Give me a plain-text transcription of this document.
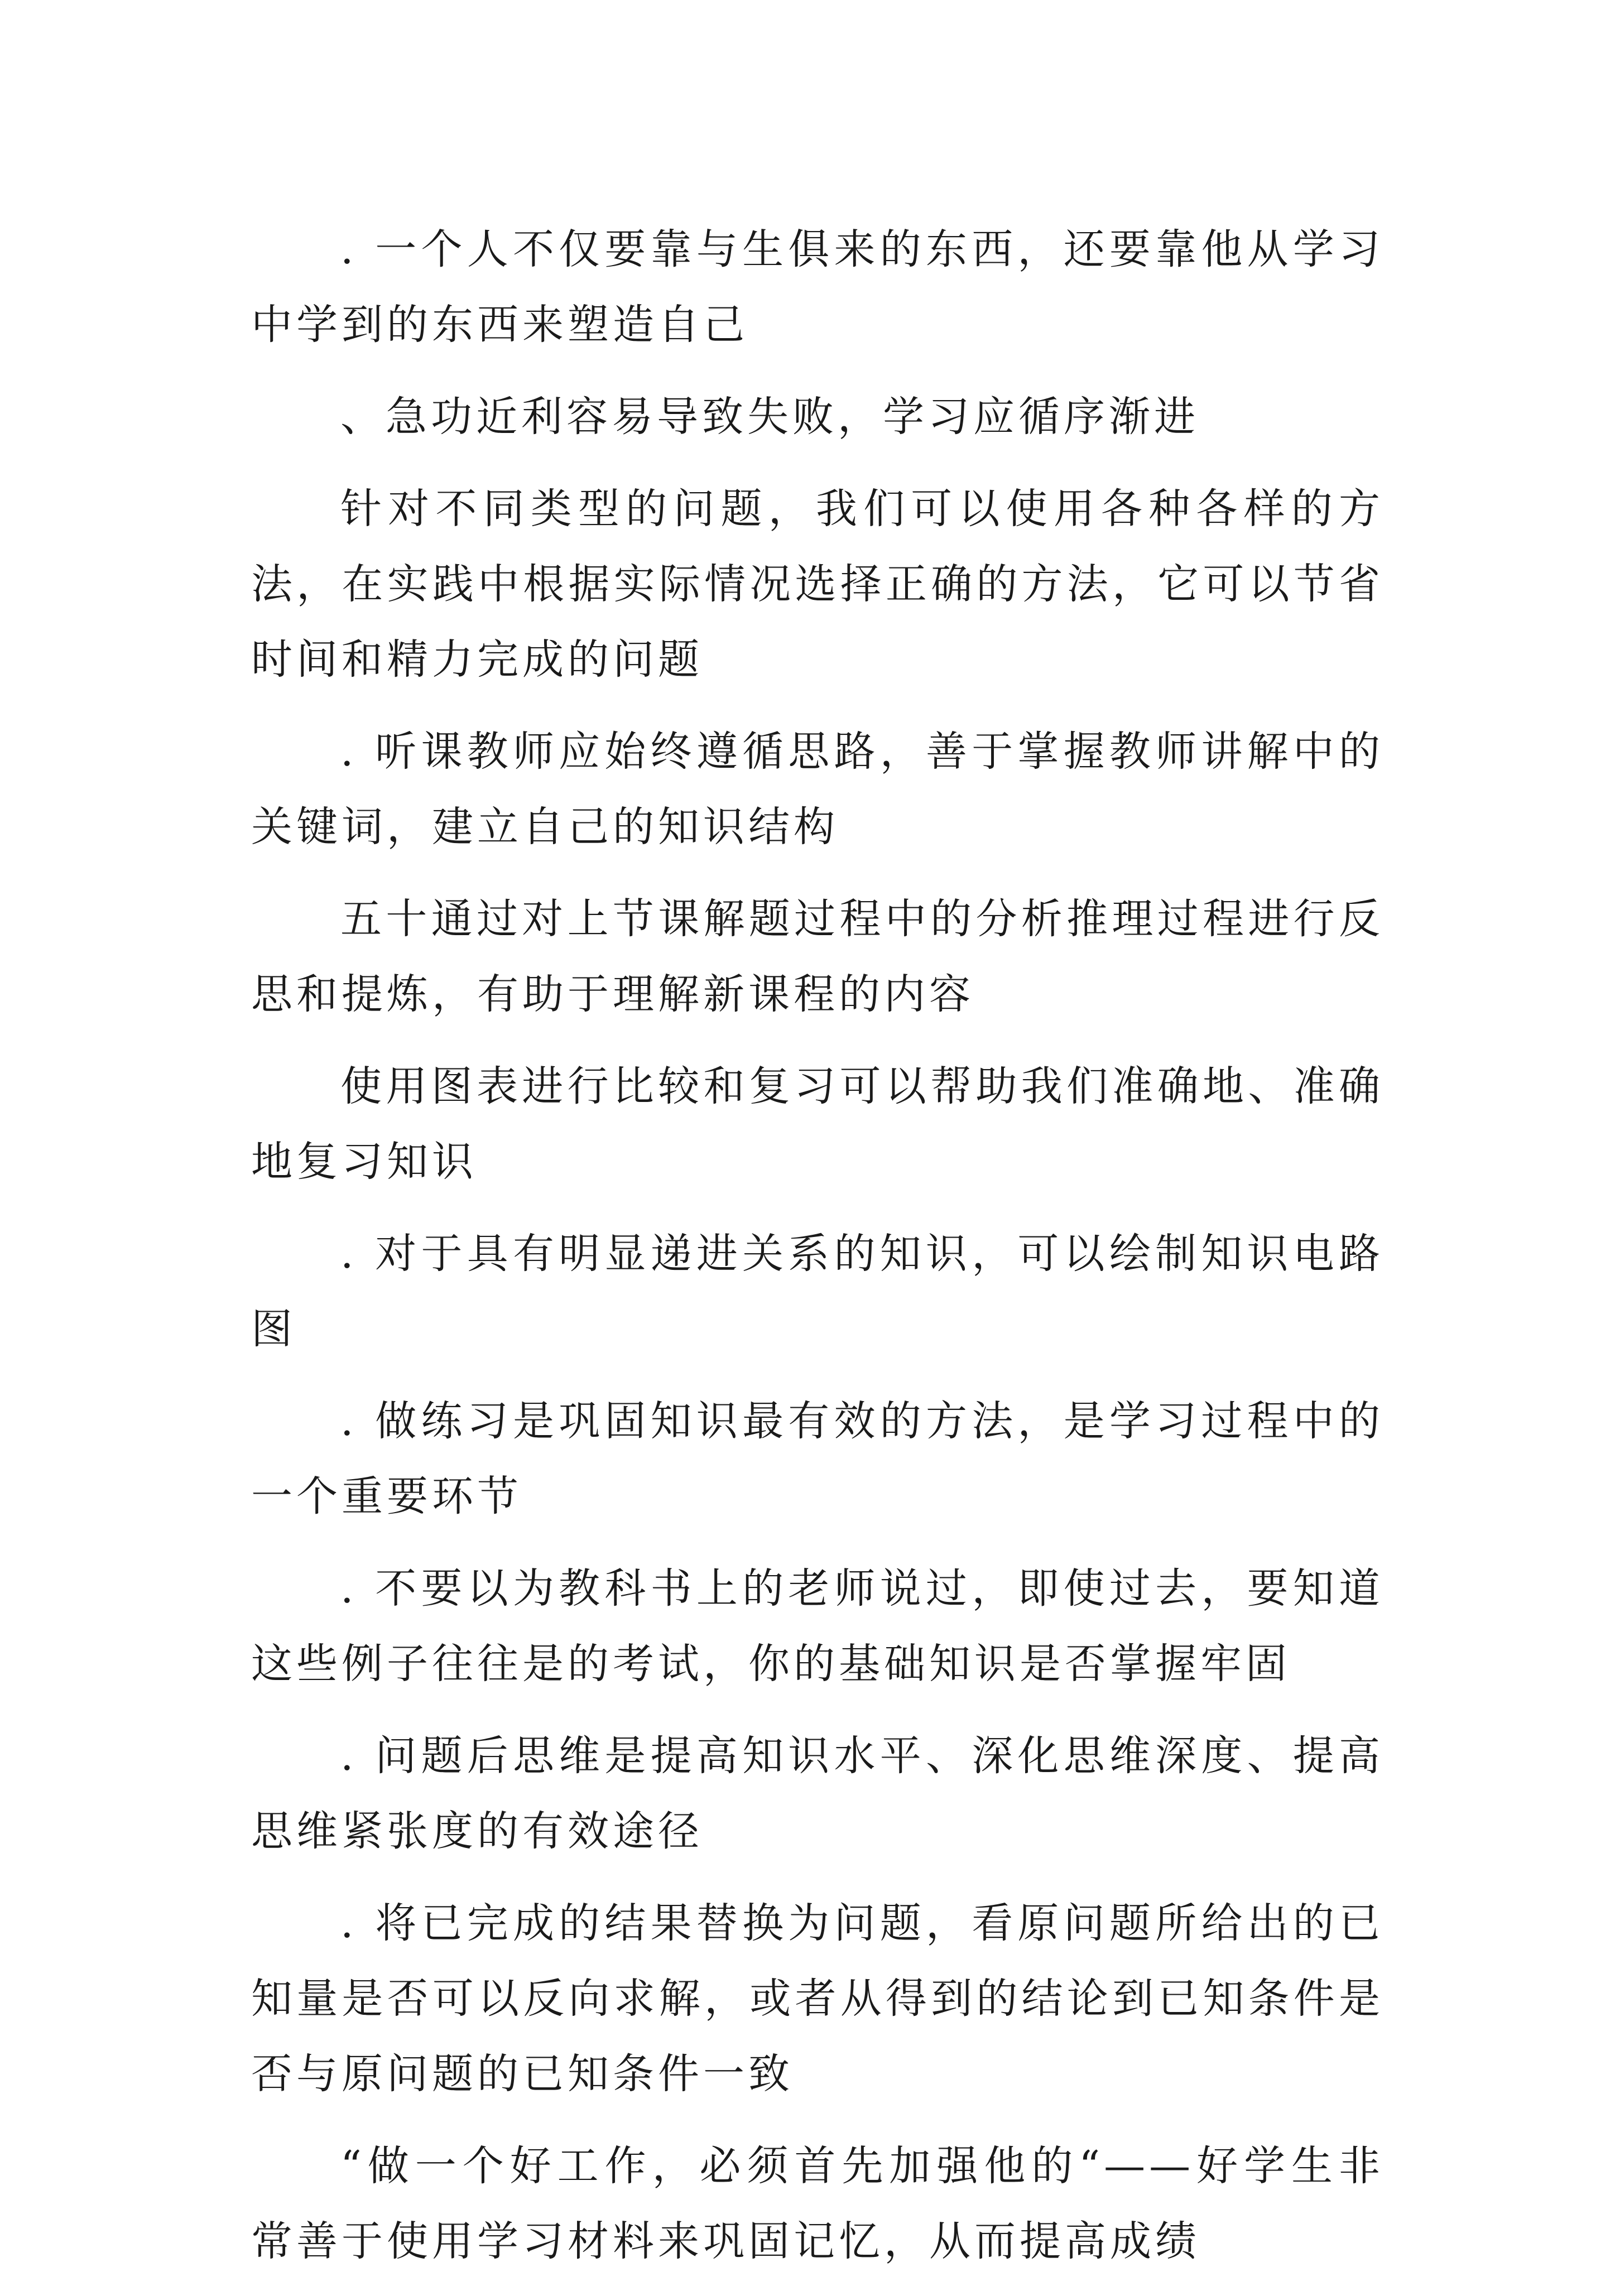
. 一个人不仅要靠与生俱来的东西，还要靠他从学习中学到的东西来塑造自己

、急功近利容易导致失败，学习应循序渐进

针对不同类型的问题，我们可以使用各种各样的方法，在实践中根据实际情况选择正确的方法，它可以节省时间和精力完成的问题

. 听课教师应始终遵循思路，善于掌握教师讲解中的关键词，建立自己的知识结构

五十通过对上节课解题过程中的分析推理过程进行反思和提炼，有助于理解新课程的内容

使用图表进行比较和复习可以帮助我们准确地、准确地复习知识

. 对于具有明显递进关系的知识，可以绘制知识电路图

. 做练习是巩固知识最有效的方法，是学习过程中的一个重要环节

. 不要以为教科书上的老师说过，即使过去，要知道这些例子往往是的考试，你的基础知识是否掌握牢固

. 问题后思维是提高知识水平、深化思维深度、提高思维紧张度的有效途径

. 将已完成的结果替换为问题，看原问题所给出的已知量是否可以反向求解，或者从得到的结论到已知条件是否与原问题的已知条件一致

“做一个好工作，必须首先加强他的“——好学生非常善于使用学习材料来巩固记忆，从而提高成绩
